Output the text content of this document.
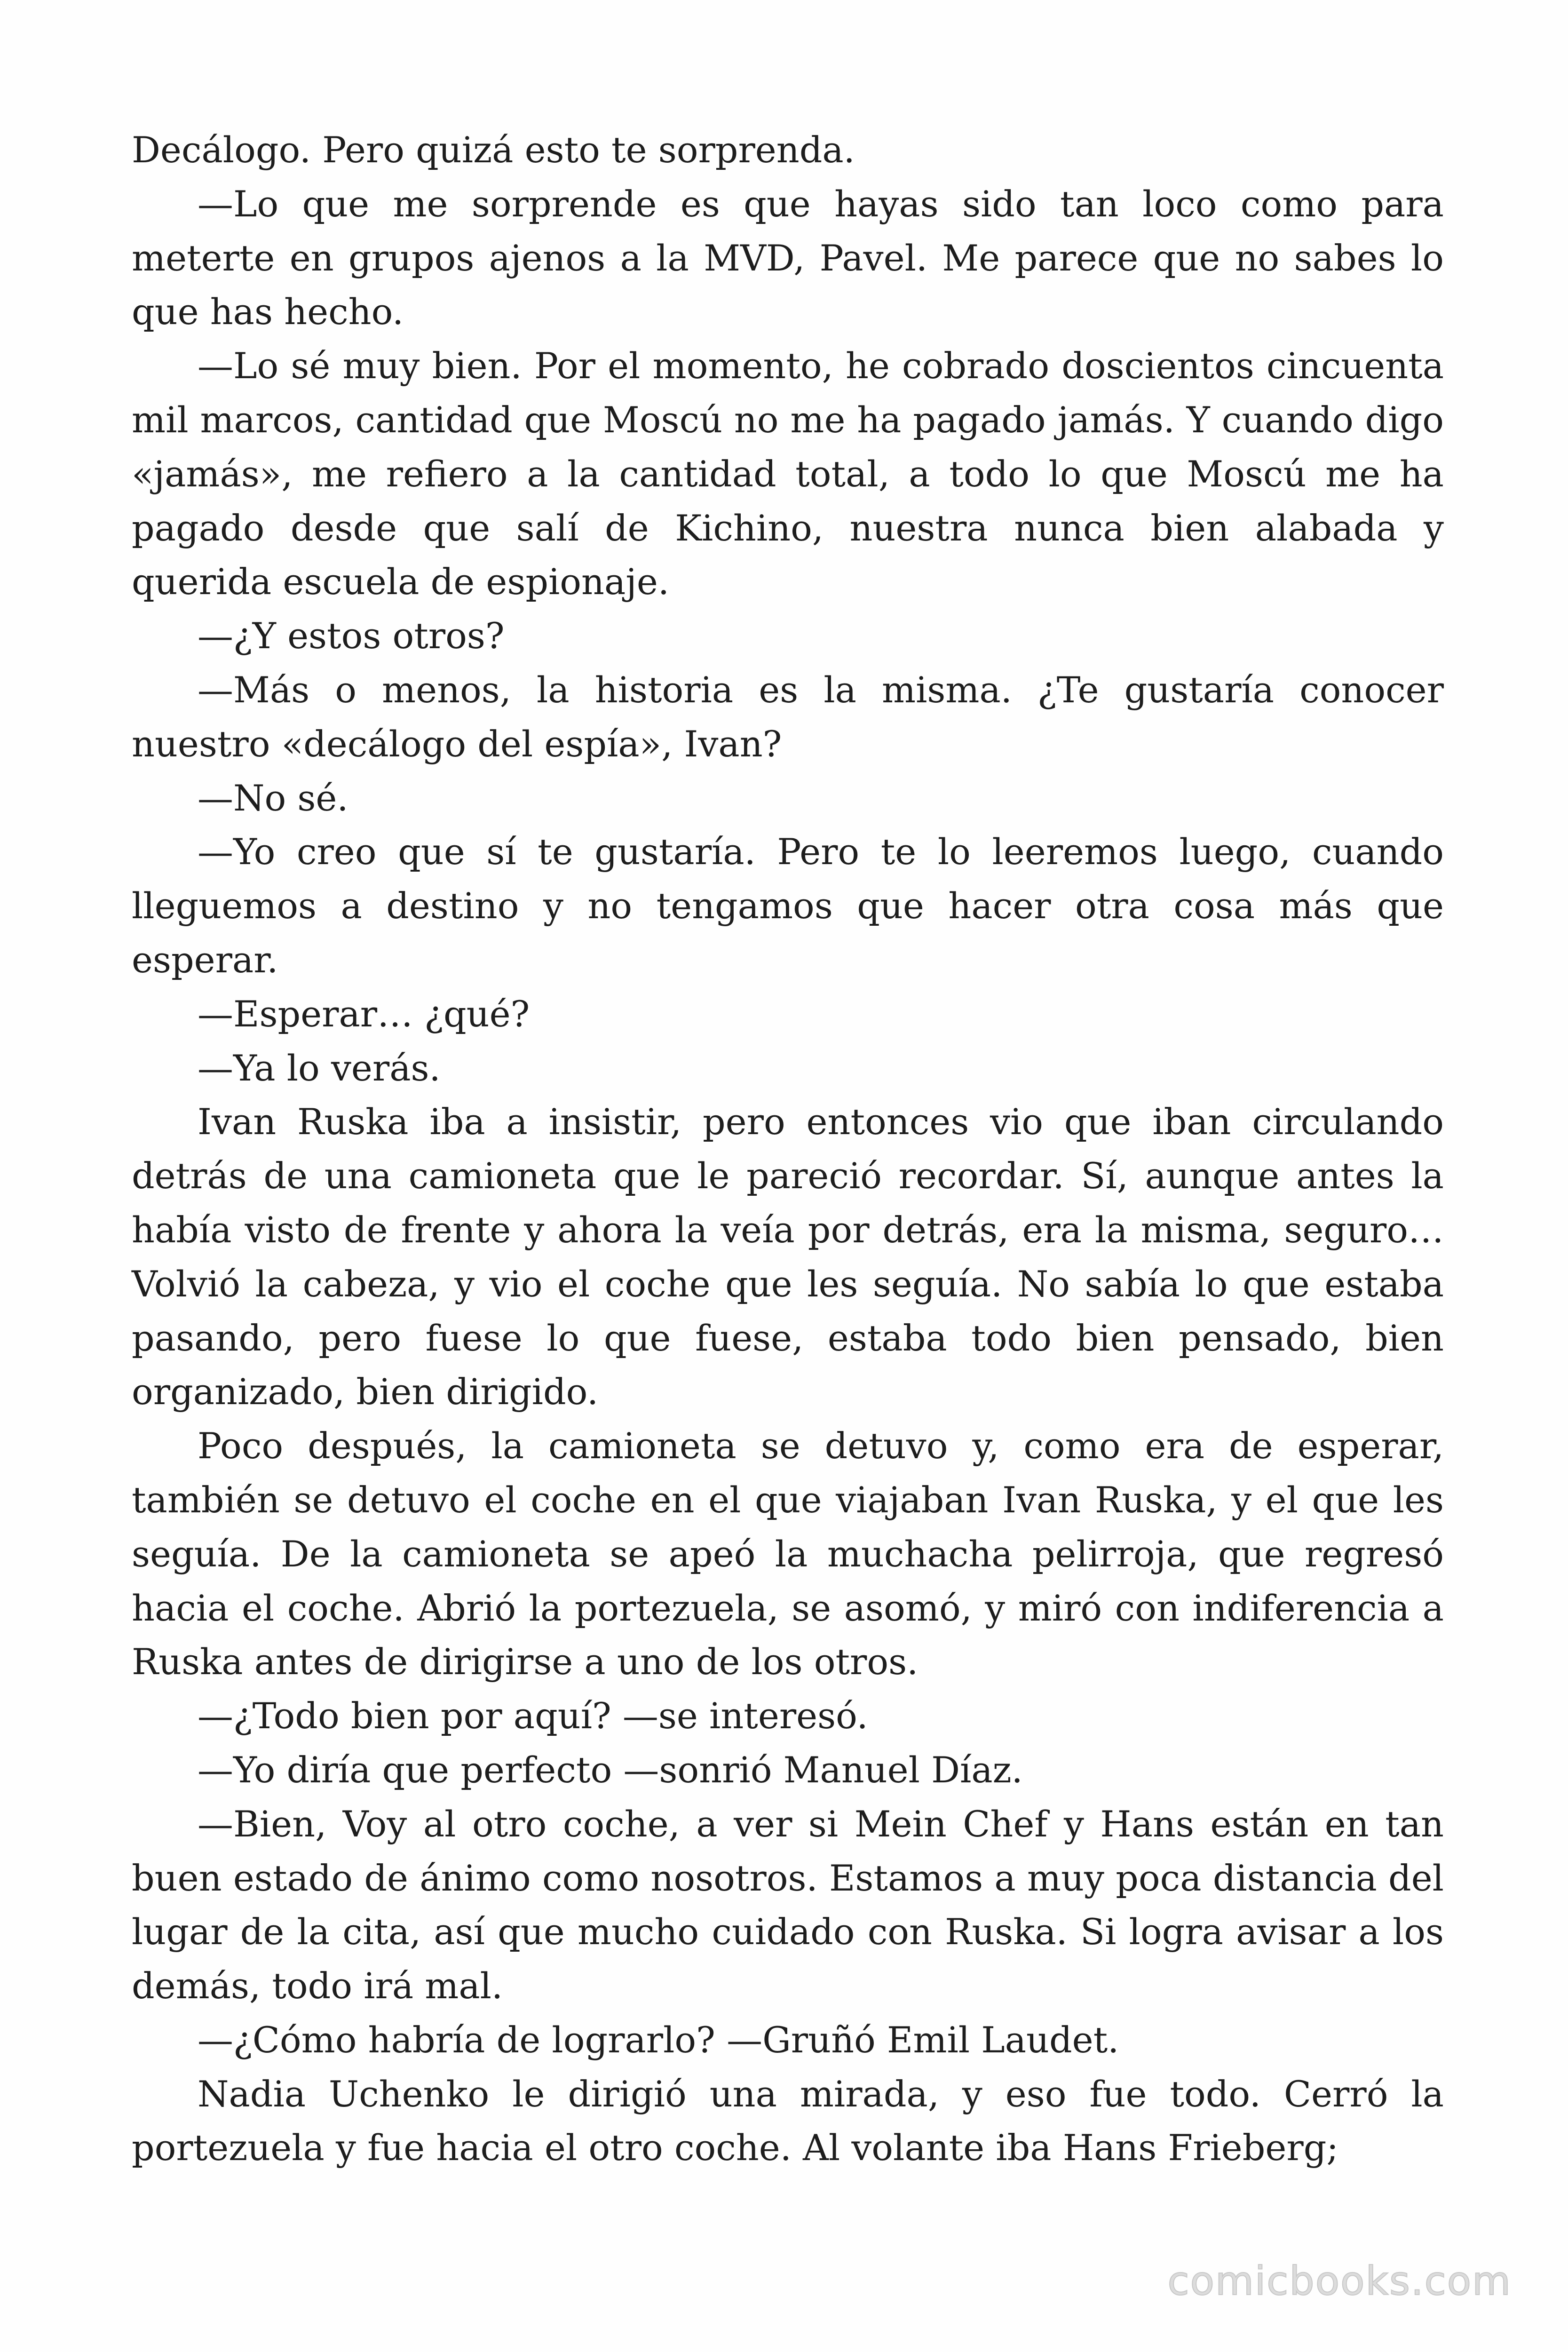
Decálogo. Pero quizá esto te sorprenda.

—Lo que me sorprende es que hayas sido tan loco como para meterte en grupos ajenos a la MVD, Pavel. Me parece que no sabes lo que has hecho.

—Lo sé muy bien. Por el momento, he cobrado doscientos cincuenta mil marcos, cantidad que Moscú no me ha pagado jamás. Y cuando digo «jamás», me refiero a la cantidad total, a todo lo que Moscú me ha pagado desde que salí de Kichino, nuestra nunca bien alabada y querida escuela de espionaje.

—¿Y estos otros?

—Más o menos, la historia es la misma. ¿Te gustaría conocer nuestro «decálogo del espía», Ivan?

—No sé.

—Yo creo que sí te gustaría. Pero te lo leeremos luego, cuando lleguemos a destino y no tengamos que hacer otra cosa más que esperar.

—Esperar… ¿qué?

—Ya lo verás.

Ivan Ruska iba a insistir, pero entonces vio que iban circulando detrás de una camioneta que le pareció recordar. Sí, aunque antes la había visto de frente y ahora la veía por detrás, era la misma, seguro… Volvió la cabeza, y vio el coche que les seguía. No sabía lo que estaba pasando, pero fuese lo que fuese, estaba todo bien pensado, bien organizado, bien dirigido.

Poco después, la camioneta se detuvo y, como era de esperar, también se detuvo el coche en el que viajaban Ivan Ruska, y el que les seguía. De la camioneta se apeó la muchacha pelirroja, que regresó hacia el coche. Abrió la portezuela, se asomó, y miró con indiferencia a Ruska antes de dirigirse a uno de los otros.

—¿Todo bien por aquí? —se interesó.

—Yo diría que perfecto —sonrió Manuel Díaz.

—Bien, Voy al otro coche, a ver si Mein Chef y Hans están en tan buen estado de ánimo como nosotros. Estamos a muy poca distancia del lugar de la cita, así que mucho cuidado con Ruska. Si logra avisar a los demás, todo irá mal.

—¿Cómo habría de lograrlo? —Gruñó Emil Laudet.

Nadia Uchenko le dirigió una mirada, y eso fue todo. Cerró la portezuela y fue hacia el otro coche. Al volante iba Hans Frieberg;

comicbooks.com
